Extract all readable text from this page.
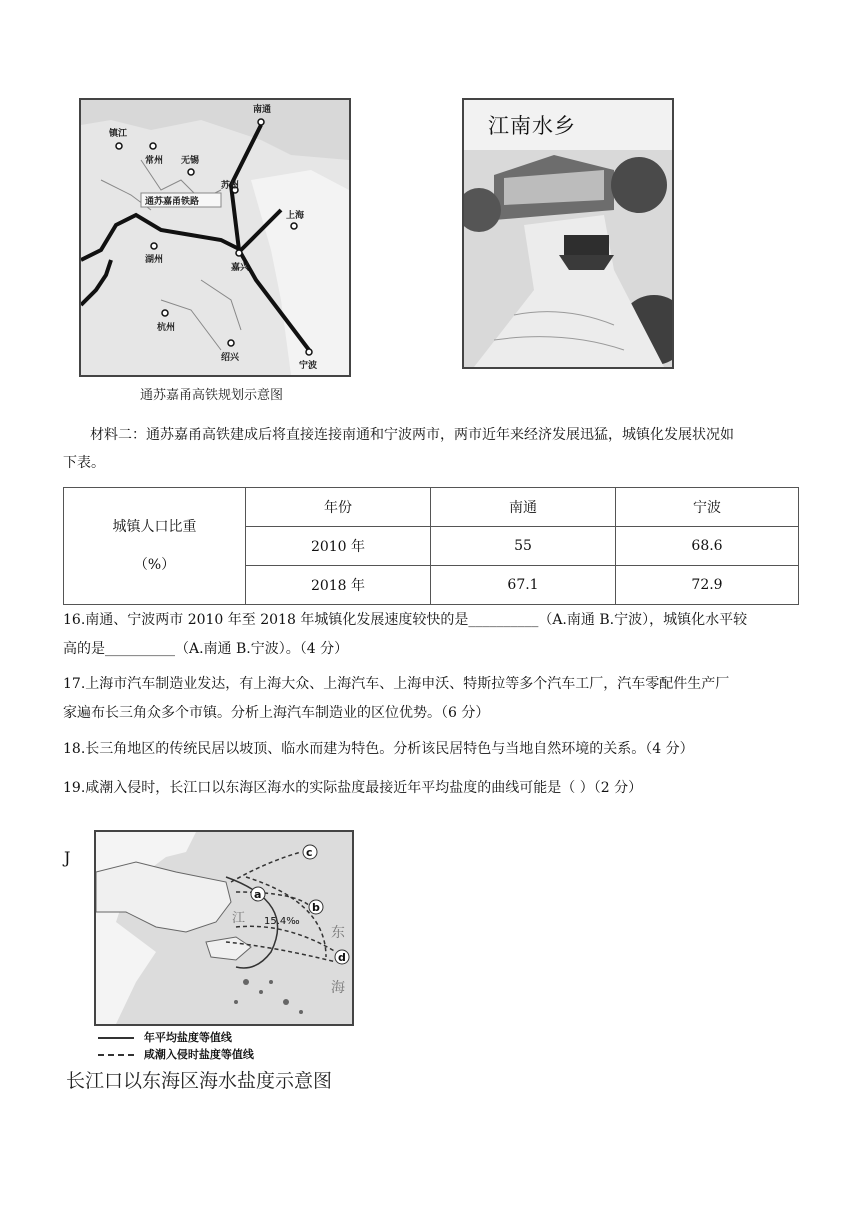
通苏嘉甬铁路
南通
镇江
常州 无锡
苏州
上海
湖州
嘉兴
杭州
绍兴
宁波
通苏嘉甬高铁规划示意图
江南水乡
材料二：通苏嘉甬高铁建成后将直接连接南通和宁波两市，两市近年来经济发展迅猛，城镇化发展状况如
下表。
城镇人口比重
（%）	年份	南通	宁波
	2010 年	55	68.6
	2018 年	67.1	72.9
16.南通、宁波两市 2010 年至 2018 年城镇化发展速度较快的是__________（A.南通 B.宁波），城镇化水平较
高的是__________（A.南通 B.宁波）。（4 分）
17.上海市汽车制造业发达，有上海大众、上海汽车、上海申沃、特斯拉等多个汽车工厂，汽车零配件生产厂
家遍布长三角众多个市镇。分析上海汽车制造业的区位优势。（6 分）
18.长三角地区的传统民居以坡顶、临水而建为特色。分析该民居特色与当地自然环境的关系。（4 分）
19.咸潮入侵时，长江口以东海区海水的实际盐度最接近年平均盐度的曲线可能是（ ）（2 分）
J
a
b
c
d
15.4‰
江
东
海
年平均盐度等值线
咸潮入侵时盐度等值线
长江口以东海区海水盐度示意图
